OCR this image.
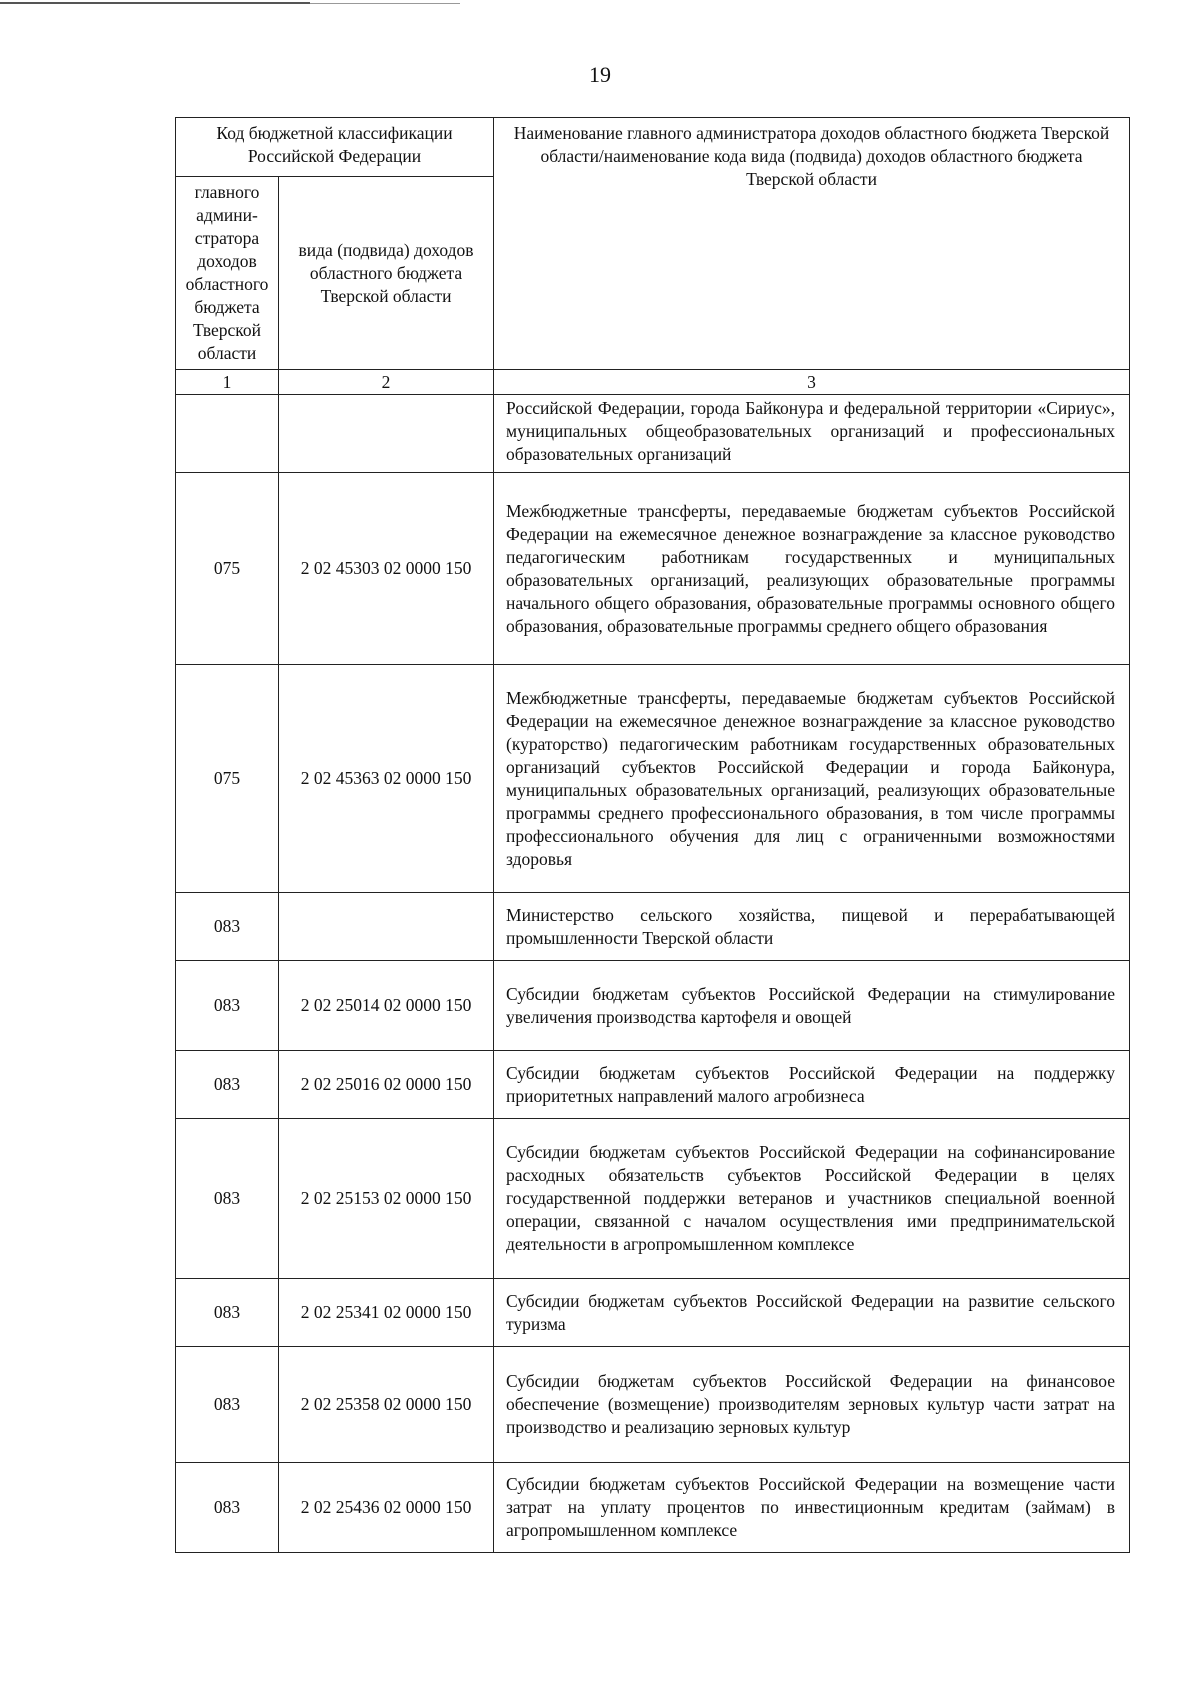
19
Код бюджетной классификации Российской Федерации		Наименование главного администратора доходов областного бюджета Тверской области/наименование кода вида (подвида) доходов областного бюджета Тверской области
главного админи-стратора доходов областного бюджета Тверской области	вида (подвида) доходов областного бюджета Тверской области	
1	2	3
		Российской Федерации, города Байконура и федеральной территории «Сириус», муниципальных общеобразовательных организаций и профессиональных образовательных организаций
075	2 02 45303 02 0000 150	Межбюджетные трансферты, передаваемые бюджетам субъектов Российской Федерации на ежемесячное денежное вознаграждение за классное руководство педагогическим работникам государственных и муниципальных образовательных организаций, реализующих образовательные программы начального общего образования, образовательные программы основного общего образования, образовательные программы среднего общего образования
075	2 02 45363 02 0000 150	Межбюджетные трансферты, передаваемые бюджетам субъектов Российской Федерации на ежемесячное денежное вознаграждение за классное руководство (кураторство) педагогическим работникам государственных образовательных организаций субъектов Российской Федерации и города Байконура, муниципальных образовательных организаций, реализующих образовательные программы среднего профессионального образования, в том числе программы профессионального обучения для лиц с ограниченными возможностями здоровья
083		Министерство сельского хозяйства, пищевой и перерабатывающей промышленности Тверской области
083	2 02 25014 02 0000 150	Субсидии бюджетам субъектов Российской Федерации на стимулирование увеличения производства картофеля и овощей
083	2 02 25016 02 0000 150	Субсидии бюджетам субъектов Российской Федерации на поддержку приоритетных направлений малого агробизнеса
083	2 02 25153 02 0000 150	Субсидии бюджетам субъектов Российской Федерации на софинансирование расходных обязательств субъектов Российской Федерации в целях государственной поддержки ветеранов и участников специальной военной операции, связанной с началом осуществления ими предпринимательской деятельности в агропромышленном комплексе
083	2 02 25341 02 0000 150	Субсидии бюджетам субъектов Российской Федерации на развитие сельского туризма
083	2 02 25358 02 0000 150	Субсидии бюджетам субъектов Российской Федерации на финансовое обеспечение (возмещение) производителям зерновых культур части затрат на производство и реализацию зерновых культур
083	2 02 25436 02 0000 150	Субсидии бюджетам субъектов Российской Федерации на возмещение части затрат на уплату процентов по инвестиционным кредитам (займам) в агропромышленном комплексе
